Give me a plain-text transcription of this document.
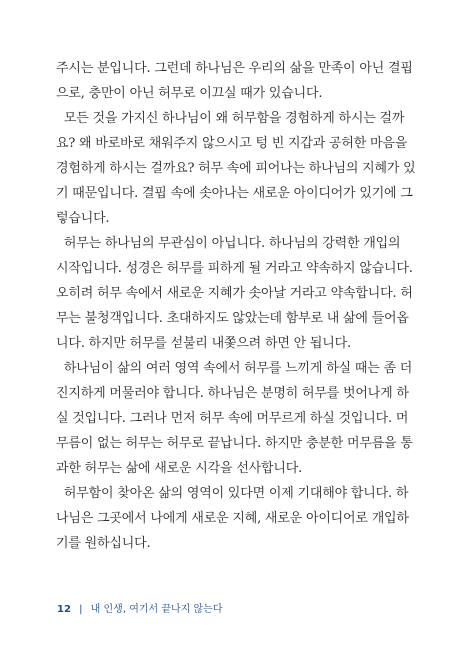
주시는 분입니다. 그런데 하나님은 우리의 삶을 만족이 아닌 결핍
으로, 충만이 아닌 허무로 이끄실 때가 있습니다.
모든 것을 가지신 하나님이 왜 허무함을 경험하게 하시는 걸까
요? 왜 바로바로 채워주지 않으시고 텅 빈 지갑과 공허한 마음을
경험하게 하시는 걸까요? 허무 속에 피어나는 하나님의 지혜가 있
기 때문입니다. 결핍 속에 솟아나는 새로운 아이디어가 있기에 그
렇습니다.
허무는 하나님의 무관심이 아닙니다. 하나님의 강력한 개입의
시작입니다. 성경은 허무를 피하게 될 거라고 약속하지 않습니다.
오히려 허무 속에서 새로운 지혜가 솟아날 거라고 약속합니다. 허
무는 불청객입니다. 초대하지도 않았는데 함부로 내 삶에 들어옵
니다. 하지만 허무를 섣불리 내쫓으려 하면 안 됩니다.
하나님이 삶의 여러 영역 속에서 허무를 느끼게 하실 때는 좀 더
진지하게 머물러야 합니다. 하나님은 분명히 허무를 벗어나게 하
실 것입니다. 그러나 먼저 허무 속에 머무르게 하실 것입니다. 머
무름이 없는 허무는 허무로 끝납니다. 하지만 충분한 머무름을 통
과한 허무는 삶에 새로운 시각을 선사합니다.
허무함이 찾아온 삶의 영역이 있다면 이제 기대해야 합니다. 하
나님은 그곳에서 나에게 새로운 지혜, 새로운 아이디어로 개입하
기를 원하십니다.
12 | 내 인생, 여기서 끝나지 않는다
